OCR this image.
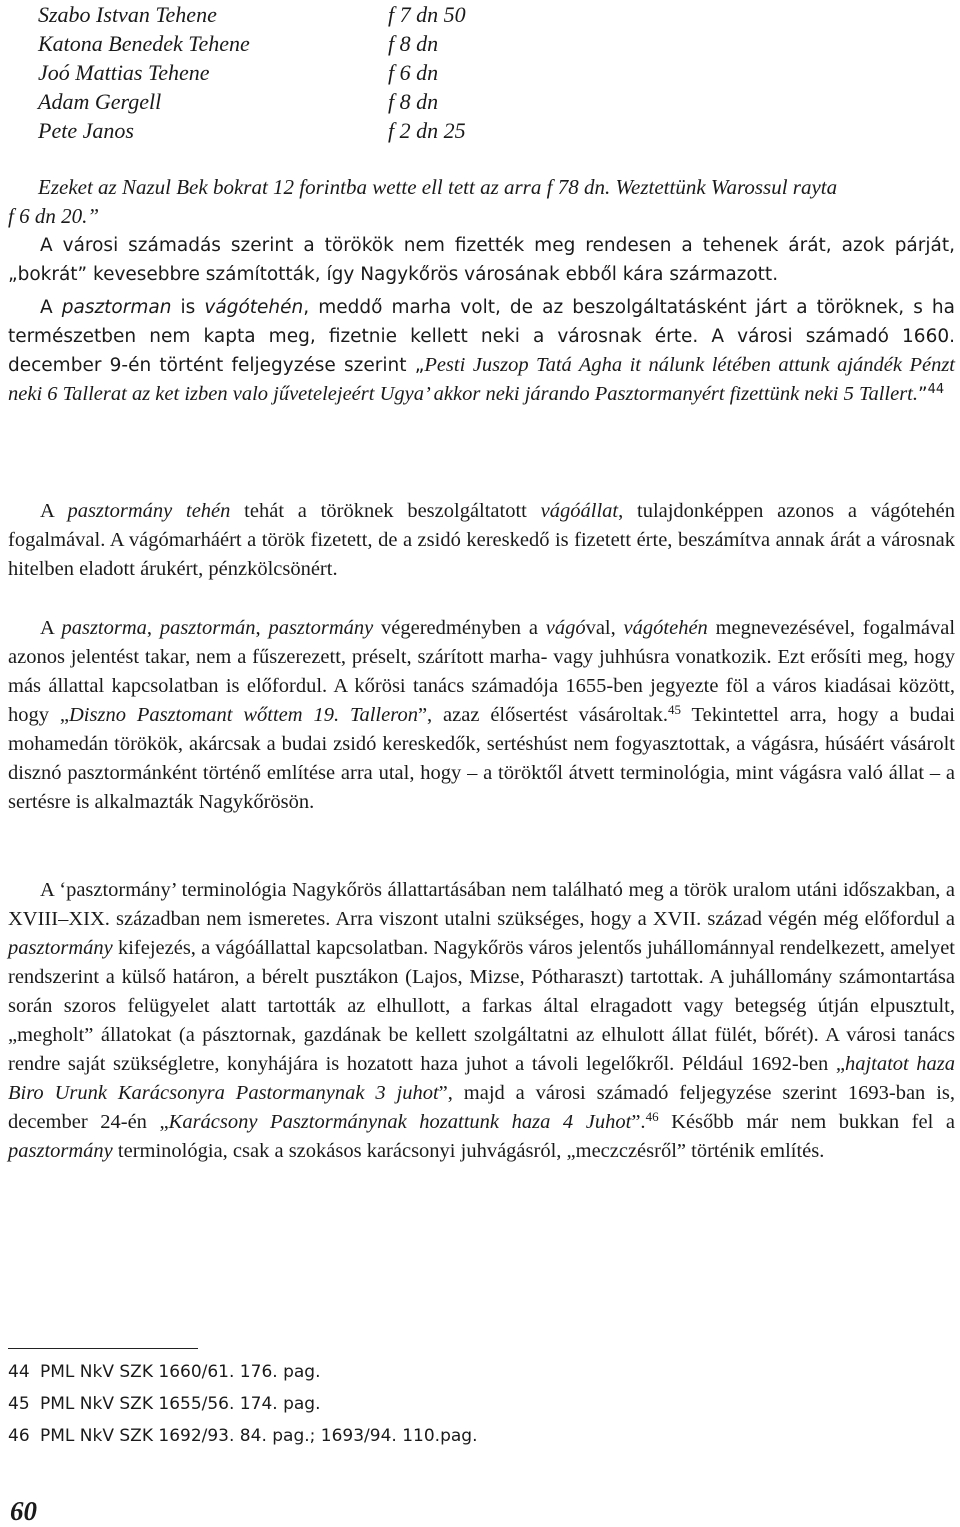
Szabo Istvan Tehene	f 7 dn 50
Katona Benedek Tehene	f 8 dn
Joó Mattias Tehene	f 6 dn
Adam Gergell	f 8 dn
Pete Janos	f 2 dn 25
Ezeket az Nazul Bek bokrat 12 forintba wette ell tett az arra f 78 dn. Weztettünk Warossul rayta
f 6 dn 20.”

A városi számadás szerint a törökök nem fizették meg rendesen a tehenek árát, azok párját, „bokrát” kevesebbre számították, így Nagykőrös városának ebből kára származott.

A pasztorman is vágótehén, meddő marha volt, de az beszolgáltatásként járt a töröknek, s ha természetben nem kapta meg, fizetnie kellett neki a városnak érte. A városi számadó 1660. december 9-én történt feljegyzése szerint „Pesti Juszop Tatá Agha it nálunk létében attunk ajándék Pénzt neki 6 Tallerat az ket izben valo jűvetelejeért Ugya’ akkor neki járando Pasztormanyért fizettünk neki 5 Tallert.”$^{44}$

A pasztormány tehén tehát a töröknek beszolgáltatott vágóállat, tulajdonképpen azonos a vágótehén fogalmával. A vágómarháért a török fizetett, de a zsidó kereskedő is fizetett érte, beszámítva annak árát a városnak hitelben eladott árukért, pénzkölcsönért.

A pasztorma, pasztormán, pasztormány végeredményben a vágóval, vágótehén megnevezésével, fogalmával azonos jelentést takar, nem a fűszerezett, préselt, szárított marha- vagy juhhúsra vonatkozik. Ezt erősíti meg, hogy más állattal kapcsolatban is előfordul. A kőrösi tanács számadója 1655-ben jegyezte föl a város kiadásai között, hogy „Diszno Pasztomant wőttem 19. Talleron”, azaz élősertést vásároltak.$^{45}$ Tekintettel arra, hogy a budai mohamedán törökök, akárcsak a budai zsidó kereskedők, sertéshúst nem fogyasztottak, a vágásra, húsáért vásárolt disznó pasztormánként történő említése arra utal, hogy – a töröktől átvett terminológia, mint vágásra való állat – a sertésre is alkalmazták Nagykőrösön.

A ‘pasztormány’ terminológia Nagykőrös állattartásában nem található meg a török uralom utáni időszakban, a XVIII–XIX. században nem ismeretes. Arra viszont utalni szükséges, hogy a XVII. század végén még előfordul a pasztormány kifejezés, a vágóállattal kapcsolatban. Nagykőrös város jelentős juhállománnyal rendelkezett, amelyet rendszerint a külső határon, a bérelt pusztákon (Lajos, Mizse, Pótharaszt) tartottak. A juhállomány számontartása során szoros felügyelet alatt tartották az elhullott, a farkas által elragadott vagy betegség útján elpusztult, „megholt” állatokat (a pásztornak, gazdának be kellett szolgáltatni az elhulott állat fülét, bőrét). A városi tanács rendre saját szükségletre, konyhájára is hozatott haza juhot a távoli legelőkről. Például 1692-ben „hajtatot haza Biro Urunk Karácsonyra Pastormanynak 3 juhot”, majd a városi számadó feljegyzése szerint 1693-ban is, december 24-én „Karácsony Pasztormánynak hozattunk haza 4 Juhot”.$^{46}$ Később már nem bukkan fel a pasztormány terminológia, csak a szokásos karácsonyi juhvágásról, „meczczésről” történik említés.

44 PML NkV SZK 1660/61. 176. pag.
45 PML NkV SZK 1655/56. 174. pag.
46 PML NkV SZK 1692/93. 84. pag.; 1693/94. 110.pag.
60
